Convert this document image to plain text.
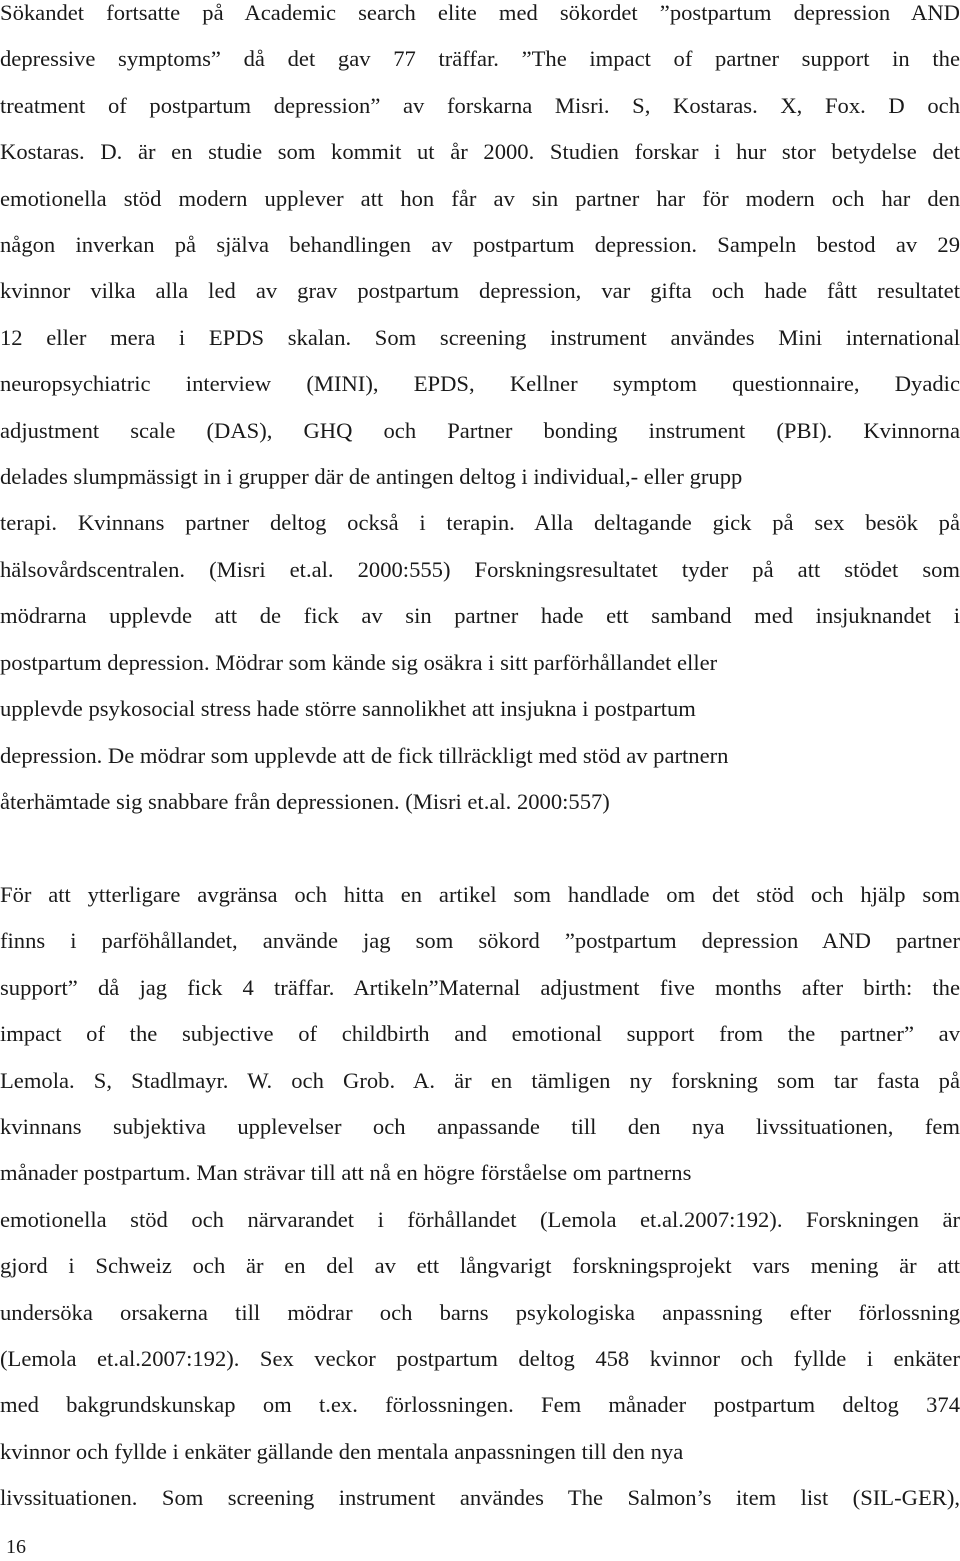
Sökandet fortsatte på Academic search elite med sökordet ”postpartum depression AND
depressive symptoms” då det gav 77 träffar. ”The impact of partner support in the
treatment of postpartum depression” av forskarna Misri. S, Kostaras. X, Fox. D och
Kostaras. D. är en studie som kommit ut år 2000. Studien forskar i hur stor betydelse det
emotionella stöd modern upplever att hon får av sin partner har för modern och har den
någon inverkan på själva behandlingen av postpartum depression. Sampeln bestod av 29
kvinnor vilka alla led av grav postpartum depression, var gifta och hade fått resultatet
12 eller mera i EPDS skalan. Som screening instrument användes Mini international
neuropsychiatric interview (MINI), EPDS, Kellner symptom questionnaire, Dyadic
adjustment scale (DAS), GHQ och Partner bonding instrument (PBI). Kvinnorna
delades slumpmässigt in i grupper där de antingen deltog i individual,- eller grupp
terapi. Kvinnans partner deltog också i terapin. Alla deltagande gick på sex besök på
hälsovårdscentralen. (Misri et.al. 2000:555) Forskningsresultatet tyder på att stödet som
mödrarna upplevde att de fick av sin partner hade ett samband med insjuknandet i
postpartum depression. Mödrar som kände sig osäkra i sitt parförhållandet eller
upplevde psykosocial stress hade större sannolikhet att insjukna i postpartum
depression. De mödrar som upplevde att de fick tillräckligt med stöd av partnern
återhämtade sig snabbare från depressionen. (Misri et.al. 2000:557)
För att ytterligare avgränsa och hitta en artikel som handlade om det stöd och hjälp som
finns i parföhållandet, använde jag som sökord ”postpartum depression AND partner
support” då jag fick 4 träffar. Artikeln”Maternal adjustment five months after birth: the
impact of the subjective of childbirth and emotional support from the partner” av
Lemola. S, Stadlmayr. W. och Grob. A. är en tämligen ny forskning som tar fasta på
kvinnans subjektiva upplevelser och anpassande till den nya livssituationen, fem
månader postpartum. Man strävar till att nå en högre förståelse om partnerns
emotionella stöd och närvarandet i förhållandet (Lemola et.al.2007:192). Forskningen är
gjord i Schweiz och är en del av ett långvarigt forskningsprojekt vars mening är att
undersöka orsakerna till mödrar och barns psykologiska anpassning efter förlossning
(Lemola et.al.2007:192). Sex veckor postpartum deltog 458 kvinnor och fyllde i enkäter
med bakgrundskunskap om t.ex. förlossningen. Fem månader postpartum deltog 374
kvinnor och fyllde i enkäter gällande den mentala anpassningen till den nya
livssituationen. Som screening instrument användes The Salmon’s item list (SIL-GER),

16
